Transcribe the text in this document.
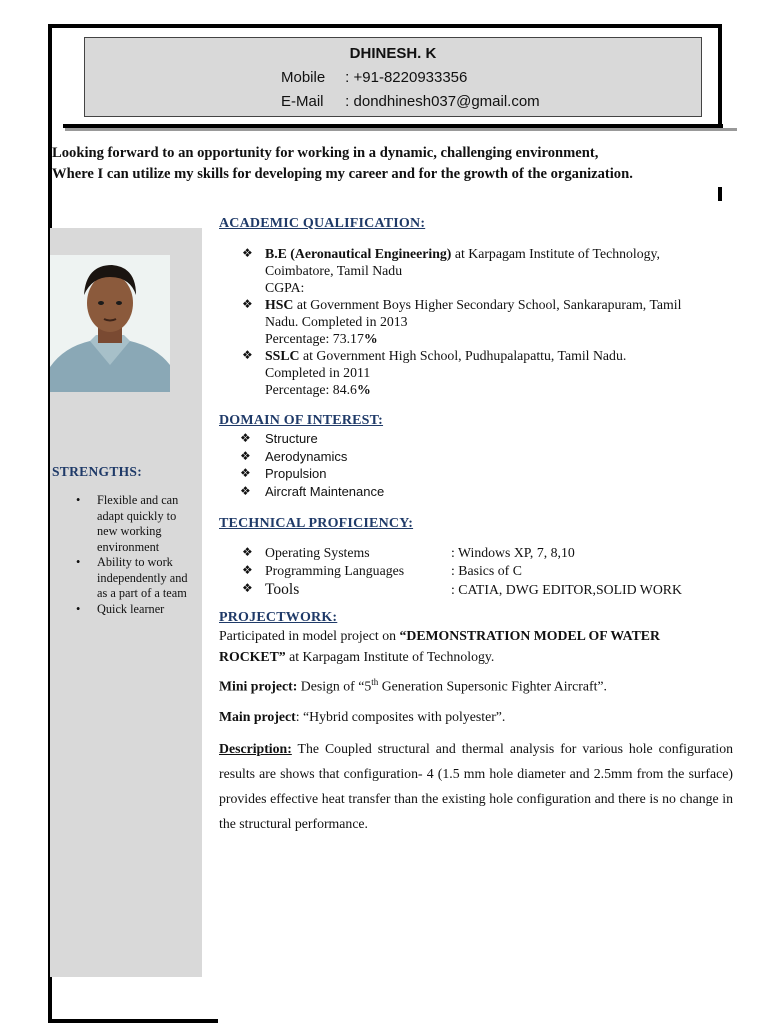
DHINESH. K
Mobile : +91-8220933356
E-Mail : dondhinesh037@gmail.com
Looking forward to an opportunity for working in a dynamic, challenging environment,
Where I can utilize my skills for developing my career and for the growth of the organization.
STRENGTHS:
• Flexible and can adapt quickly to new working environment
• Ability to work independently and as a part of a team
• Quick learner
ACADEMIC QUALIFICATION:
❖ B.E (Aeronautical Engineering) at Karpagam Institute of Technology,
Coimbatore, Tamil Nadu
CGPA:
❖ HSC at Government Boys Higher Secondary School, Sankarapuram, Tamil
Nadu. Completed in 2013
Percentage: 73.17%
❖ SSLC at Government High School, Pudhupalapattu, Tamil Nadu.
Completed in 2011
Percentage: 84.6%
DOMAIN OF INTEREST:
❖ Structure
❖ Aerodynamics
❖ Propulsion
❖ Aircraft Maintenance
TECHNICAL PROFICIENCY:
❖ Operating Systems	: Windows XP, 7, 8,10
❖ Programming Languages	: Basics of C
❖ Tools	: CATIA, DWG EDITOR,SOLID WORK
PROJECTWORK:
Participated in model project on “DEMONSTRATION MODEL OF WATER
ROCKET” at Karpagam Institute of Technology.
Mini project: Design of “5th Generation Supersonic Fighter Aircraft”.
Main project: “Hybrid composites with polyester”.
Description: The Coupled structural and thermal analysis for various hole configuration results are shows that configuration- 4 (1.5 mm hole diameter and 2.5mm from the surface) provides effective heat transfer than the existing hole configuration and there is no change in the structural performance.
